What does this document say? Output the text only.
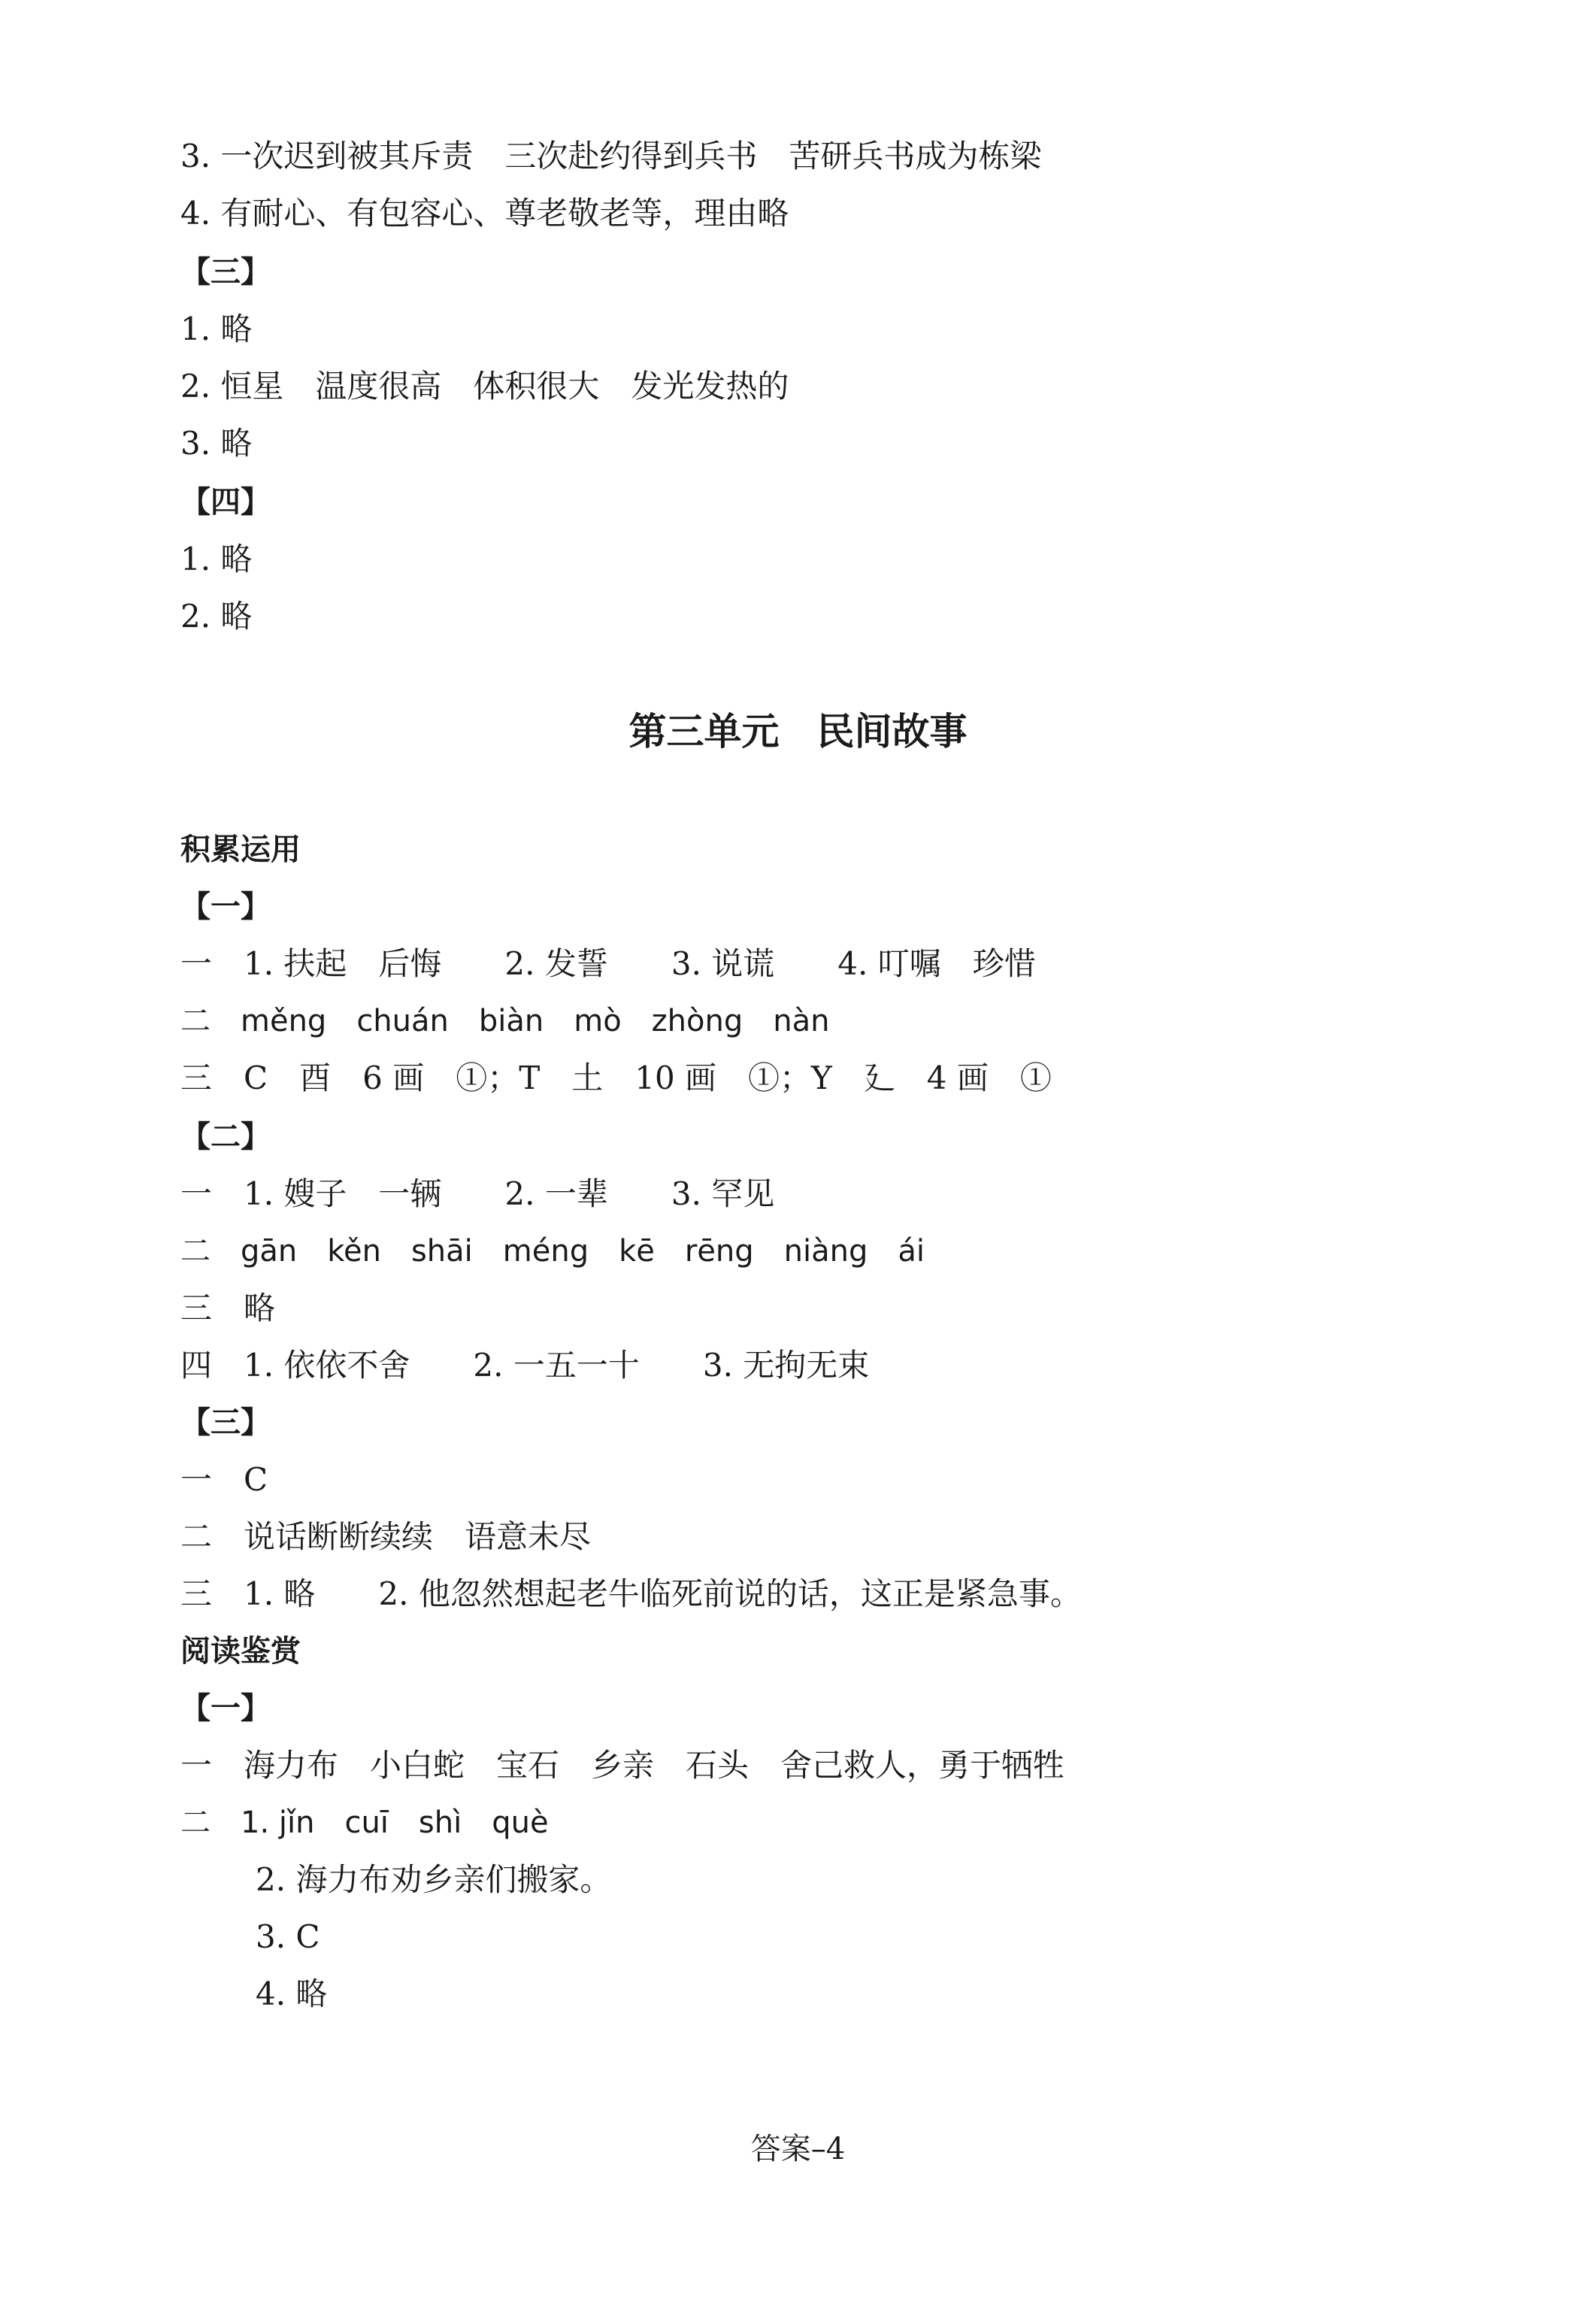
3. 一次迟到被其斥责　三次赴约得到兵书　苦研兵书成为栋梁

4. 有耐心、有包容心、尊老敬老等，理由略

【三】

1. 略

2. 恒星　温度很高　体积很大　发光发热的

3. 略

【四】

1. 略

2. 略

第三单元　民间故事

积累运用

【一】

一　1. 扶起　后悔　　2. 发誓　　3. 说谎　　4. 叮嘱　珍惜

二　měng　chuán　biàn　mò　zhòng　nàn

三　C　酉　6 画　①；T　土　10 画　①；Y　廴　4 画　①

【二】

一　1. 嫂子　一辆　　2. 一辈　　3. 罕见

二　gān　kěn　shāi　méng　kē　rēng　niàng　ái

三　略

四　1. 依依不舍　　2. 一五一十　　3. 无拘无束

【三】

一　C

二　说话断断续续　语意未尽

三　1. 略　　2. 他忽然想起老牛临死前说的话，这正是紧急事。

阅读鉴赏

【一】

一　海力布　小白蛇　宝石　乡亲　石头　舍己救人，勇于牺牲

二　1. jǐn　cuī　shì　què

2. 海力布劝乡亲们搬家。

3. C

4. 略

答案–4
